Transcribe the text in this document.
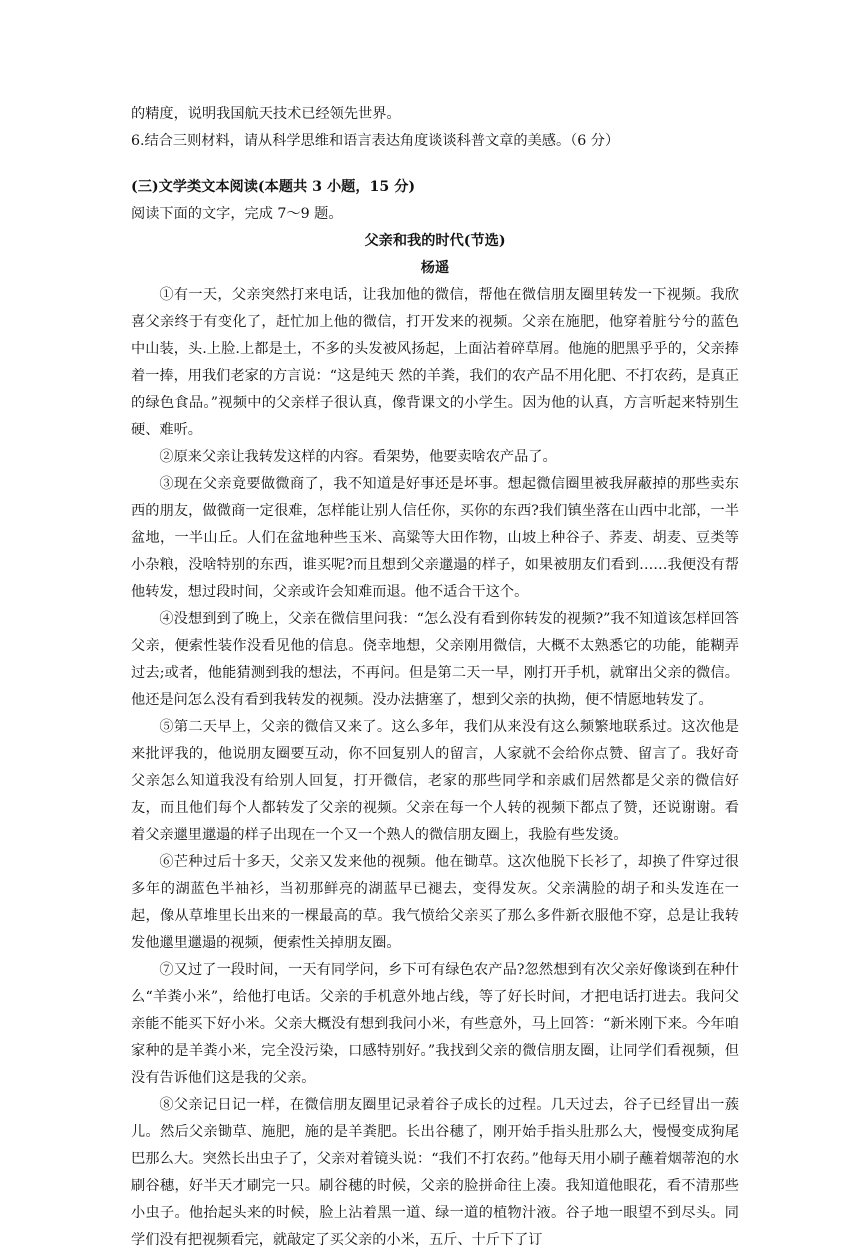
的精度，说明我国航天技术已经领先世界。

6.结合三则材料，请从科学思维和语言表达角度谈谈科普文章的美感。（6 分）

(三)文学类文本阅读(本题共 3 小题，15 分)

阅读下面的文字，完成 7～9 题。

父亲和我的时代(节选)

杨遥

①有一天，父亲突然打来电话，让我加他的微信，帮他在微信朋友圈里转发一下视频。我欣喜父亲终于有变化了，赶忙加上他的微信，打开发来的视频。父亲在施肥，他穿着脏兮兮的蓝色中山装，头.上脸.上都是土，不多的头发被风扬起，上面沾着碎草屑。他施的肥黑乎乎的，父亲捧着一捧，用我们老家的方言说：“这是纯天 然的羊粪，我们的农产品不用化肥、不打农药，是真正的绿色食品。”视频中的父亲样子很认真，像背课文的小学生。因为他的认真，方言听起来特别生硬、难听。

②原来父亲让我转发这样的内容。看架势，他要卖啥农产品了。

③现在父亲竟要做微商了，我不知道是好事还是坏事。想起微信圈里被我屏蔽掉的那些卖东西的朋友，做微商一定很难，怎样能让别人信任你，买你的东西?我们镇坐落在山西中北部，一半盆地，一半山丘。人们在盆地种些玉米、高粱等大田作物，山坡上种谷子、荞麦、胡麦、豆类等小杂粮，没啥特别的东西，谁买呢?而且想到父亲邋遢的样子，如果被朋友们看到……我便没有帮他转发，想过段时间，父亲或许会知难而退。他不适合干这个。

④没想到到了晚上，父亲在微信里问我：“怎么没有看到你转发的视频?”我不知道该怎样回答父亲，便索性装作没看见他的信息。侥幸地想，父亲刚用微信，大概不太熟悉它的功能，能糊弄过去;或者，他能猜测到我的想法，不再问。但是第二天一早，刚打开手机，就窜出父亲的微信。他还是问怎么没有看到我转发的视频。没办法搪塞了，想到父亲的执拗，便不情愿地转发了。

⑤第二天早上，父亲的微信又来了。这么多年，我们从来没有这么频繁地联系过。这次他是来批评我的，他说朋友圈要互动，你不回复别人的留言，人家就不会给你点赞、留言了。我好奇父亲怎么知道我没有给别人回复，打开微信，老家的那些同学和亲戚们居然都是父亲的微信好友，而且他们每个人都转发了父亲的视频。父亲在每一个人转的视频下都点了赞，还说谢谢。看着父亲邋里邋遢的样子出现在一个又一个熟人的微信朋友圈上，我脸有些发烫。

⑥芒种过后十多天，父亲又发来他的视频。他在锄草。这次他脱下长衫了，却换了件穿过很多年的湖蓝色半袖衫，当初那鲜亮的湖蓝早已褪去，变得发灰。父亲满脸的胡子和头发连在一起，像从草堆里长出来的一棵最高的草。我气愤给父亲买了那么多件新衣服他不穿，总是让我转发他邋里邋遢的视频，便索性关掉朋友圈。

⑦又过了一段时间，一天有同学问，乡下可有绿色农产品?忽然想到有次父亲好像谈到在种什么“羊粪小米”，给他打电话。父亲的手机意外地占线，等了好长时间，才把电话打进去。我问父亲能不能买下好小米。父亲大概没有想到我问小米，有些意外，马上回答：“新米刚下来。今年咱家种的是羊粪小米，完全没污染，口感特别好。”我找到父亲的微信朋友圈，让同学们看视频，但没有告诉他们这是我的父亲。

⑧父亲记日记一样，在微信朋友圈里记录着谷子成长的过程。几天过去，谷子已经冒出一蔟儿。然后父亲锄草、施肥，施的是羊粪肥。长出谷穗了，刚开始手指头肚那么大，慢慢变成狗尾巴那么大。突然长出虫子了，父亲对着镜头说：“我们不打农药。”他每天用小刷子蘸着烟蒂泡的水刷谷穗，好半天才刷完一只。刷谷穗的时候，父亲的脸拼命往上凑。我知道他眼花，看不清那些小虫子。他抬起头来的时候，脸上沾着黑一道、绿一道的植物汁液。谷子地一眼望不到尽头。同学们没有把视频看完，就敲定了买父亲的小米，五斤、十斤下了订
